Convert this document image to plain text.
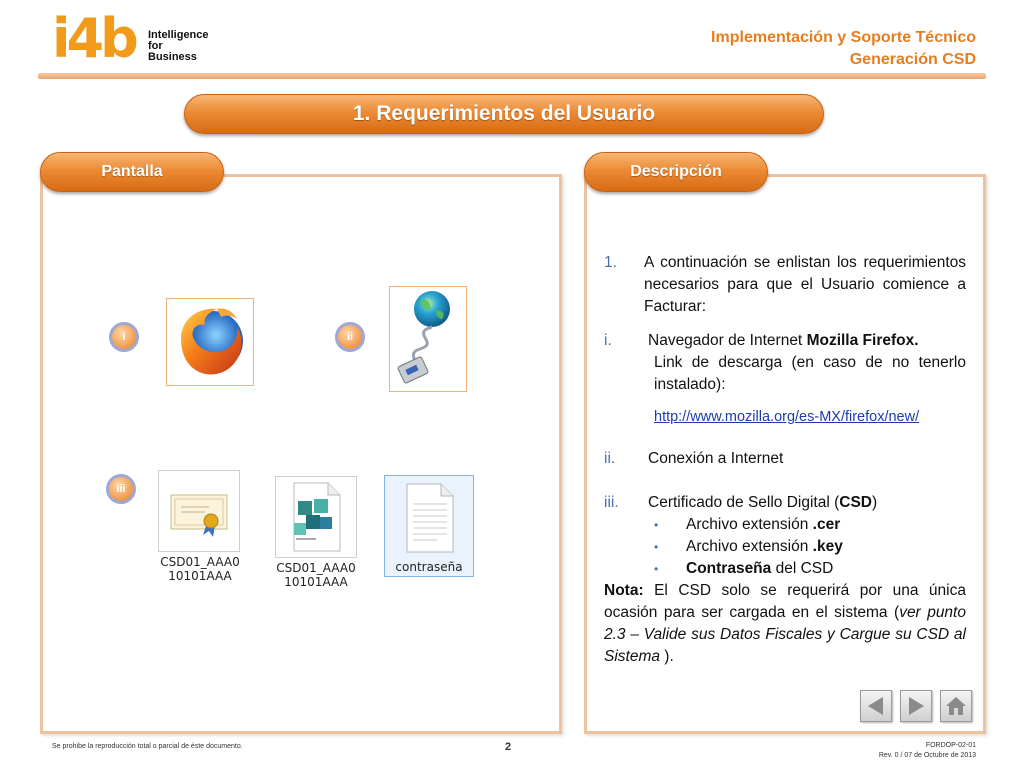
i4b Intelligence
for
Business
Implementación y Soporte Técnico
Generación CSD
1. Requerimientos del Usuario
Pantalla	Descripción
i	ii
iii
CSD01_AAA0
10101AAA
CSD01_AAA0
10101AAA
contraseña
1. A continuación se enlistan los requerimientos necesarios para que el Usuario comience a Facturar:
i. Navegador de Internet Mozilla Firefox.
Link de descarga (en caso de no tenerlo instalado):
http://www.mozilla.org/es-MX/firefox/new/
ii. Conexión a Internet
iii. Certificado de Sello Digital (CSD)
• Archivo extensión .cer
• Archivo extensión .key
• Contraseña del CSD
Nota: El CSD solo se requerirá por una única ocasión para ser cargada en el sistema (ver punto 2.3 – Valide sus Datos Fiscales y Cargue su CSD al Sistema ).
Se prohibe la reproducción total o parcial de éste documento.	2	FORDOP-02-01
Rev. 0 / 07 de Octubre de 2013
